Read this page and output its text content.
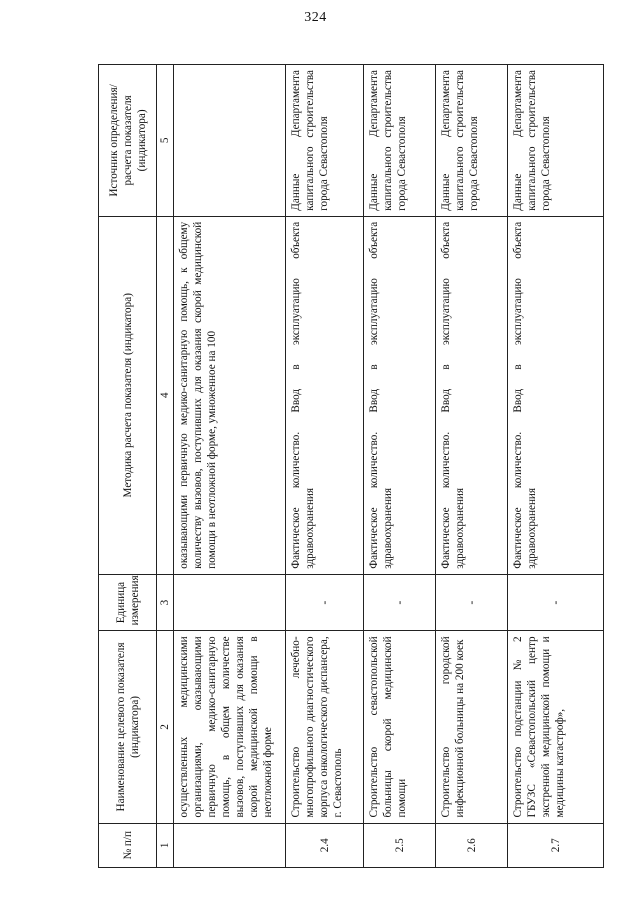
324
№ п/п	Наименование целевого показателя (индикатора)	Единица измерения	Методика расчета показателя (индикатора)	Источник определения/ расчета показателя (индикатора)
1	2	3	4	5
	осуществленных медицинскими организациями, оказывающими первичную медико-санитарную помощь, в общем количестве вызовов, поступивших для оказания скорой медицинской помощи в неотложной форме		оказывающими первичную медико-санитарную помощь, к общему количеству вызовов, поступивших для оказания скорой медицинской помощи в неотложной форме, умноженное на 100	
2.4	Строительство лечебно-многопрофильного диагностического корпуса онкологического диспансера, г. Севастополь	-	Фактическое количество. Ввод в эксплуатацию объекта здравоохранения	Данные Департамента капитального строительства города Севастополя
2.5	Строительство севастопольской больницы скорой медицинской помощи	-	Фактическое количество. Ввод в эксплуатацию объекта здравоохранения	Данные Департамента капитального строительства города Севастополя
2.6	Строительство городской инфекционной больницы на 200 коек	-	Фактическое количество. Ввод в эксплуатацию объекта здравоохранения	Данные Департамента капитального строительства города Севастополя
2.7	Строительство подстанции № 2 ГБУЗС «Севастопольский центр экстренной медицинской помощи и медицины катастроф»,	-	Фактическое количество. Ввод в эксплуатацию объекта здравоохранения	Данные Департамента капитального строительства города Севастополя
